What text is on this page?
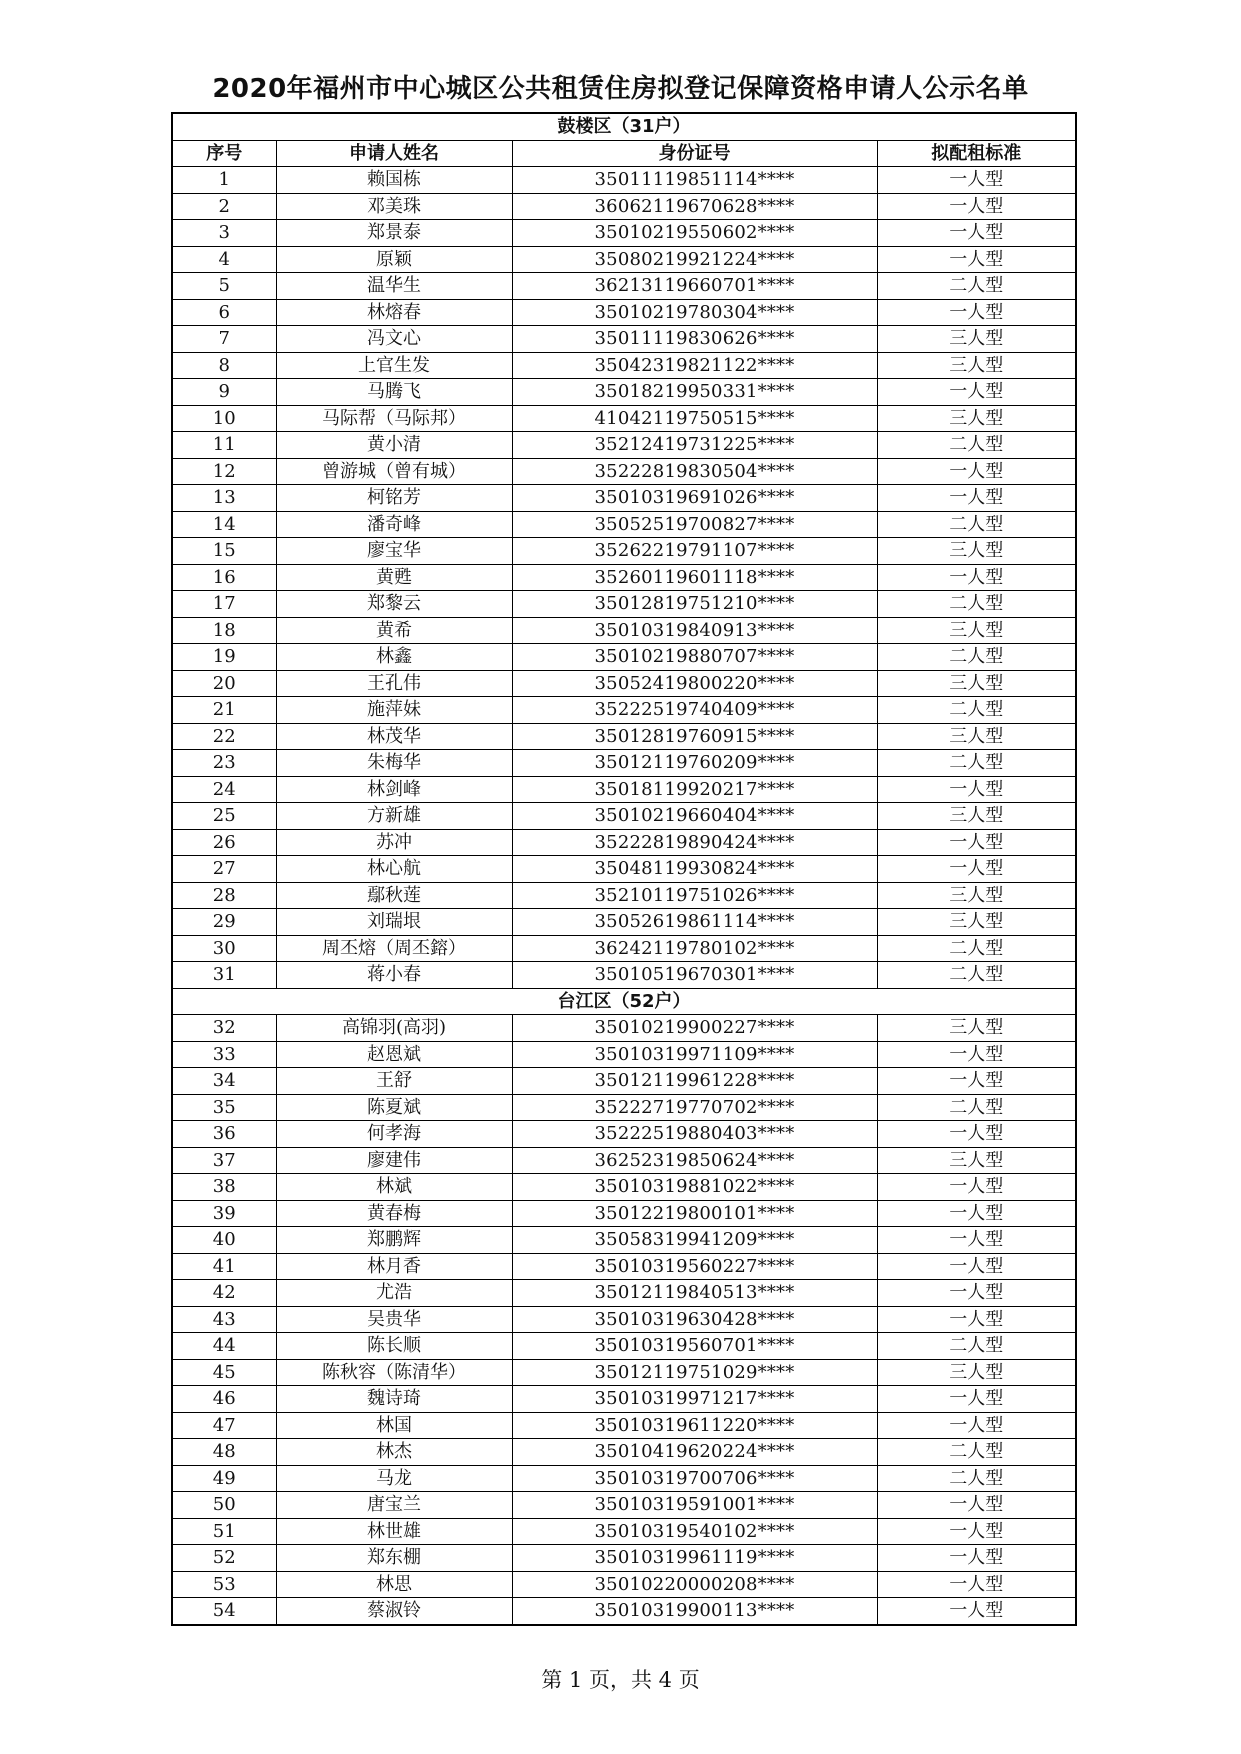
2020年福州市中心城区公共租赁住房拟登记保障资格申请人公示名单
鼓楼区（31户）			
序号	申请人姓名	身份证号	拟配租标准
1	赖国栋	35011119851114****	一人型
2	邓美珠	36062119670628****	一人型
3	郑景泰	35010219550602****	一人型
4	原颖	35080219921224****	一人型
5	温华生	36213119660701****	二人型
6	林熔春	35010219780304****	一人型
7	冯文心	35011119830626****	三人型
8	上官生发	35042319821122****	三人型
9	马腾飞	35018219950331****	一人型
10	马际帮（马际邦）	41042119750515****	三人型
11	黄小清	35212419731225****	二人型
12	曾游城（曾有城）	35222819830504****	一人型
13	柯铭芳	35010319691026****	一人型
14	潘奇峰	35052519700827****	二人型
15	廖宝华	35262219791107****	三人型
16	黄甦	35260119601118****	一人型
17	郑黎云	35012819751210****	二人型
18	黄希	35010319840913****	三人型
19	林鑫	35010219880707****	二人型
20	王孔伟	35052419800220****	三人型
21	施萍妹	35222519740409****	二人型
22	林茂华	35012819760915****	三人型
23	朱梅华	35012119760209****	二人型
24	林剑峰	35018119920217****	一人型
25	方新雄	35010219660404****	三人型
26	苏冲	35222819890424****	一人型
27	林心航	35048119930824****	一人型
28	鄢秋莲	35210119751026****	三人型
29	刘瑞垠	35052619861114****	三人型
30	周丕熔（周丕鎔）	36242119780102****	二人型
31	蒋小春	35010519670301****	二人型
台江区（52户）			
32	高锦羽(高羽)	35010219900227****	三人型
33	赵恩斌	35010319971109****	一人型
34	王舒	35012119961228****	一人型
35	陈夏斌	35222719770702****	二人型
36	何孝海	35222519880403****	一人型
37	廖建伟	36252319850624****	三人型
38	林斌	35010319881022****	一人型
39	黄春梅	35012219800101****	一人型
40	郑鹏辉	35058319941209****	一人型
41	林月香	35010319560227****	一人型
42	尤浩	35012119840513****	一人型
43	吴贵华	35010319630428****	一人型
44	陈长顺	35010319560701****	二人型
45	陈秋容（陈清华）	35012119751029****	三人型
46	魏诗琦	35010319971217****	一人型
47	林国	35010319611220****	一人型
48	林杰	35010419620224****	二人型
49	马龙	35010319700706****	二人型
50	唐宝兰	35010319591001****	一人型
51	林世雄	35010319540102****	一人型
52	郑东棚	35010319961119****	一人型
53	林思	35010220000208****	一人型
54	蔡淑铃	35010319900113****	一人型
第 1 页，共 4 页
